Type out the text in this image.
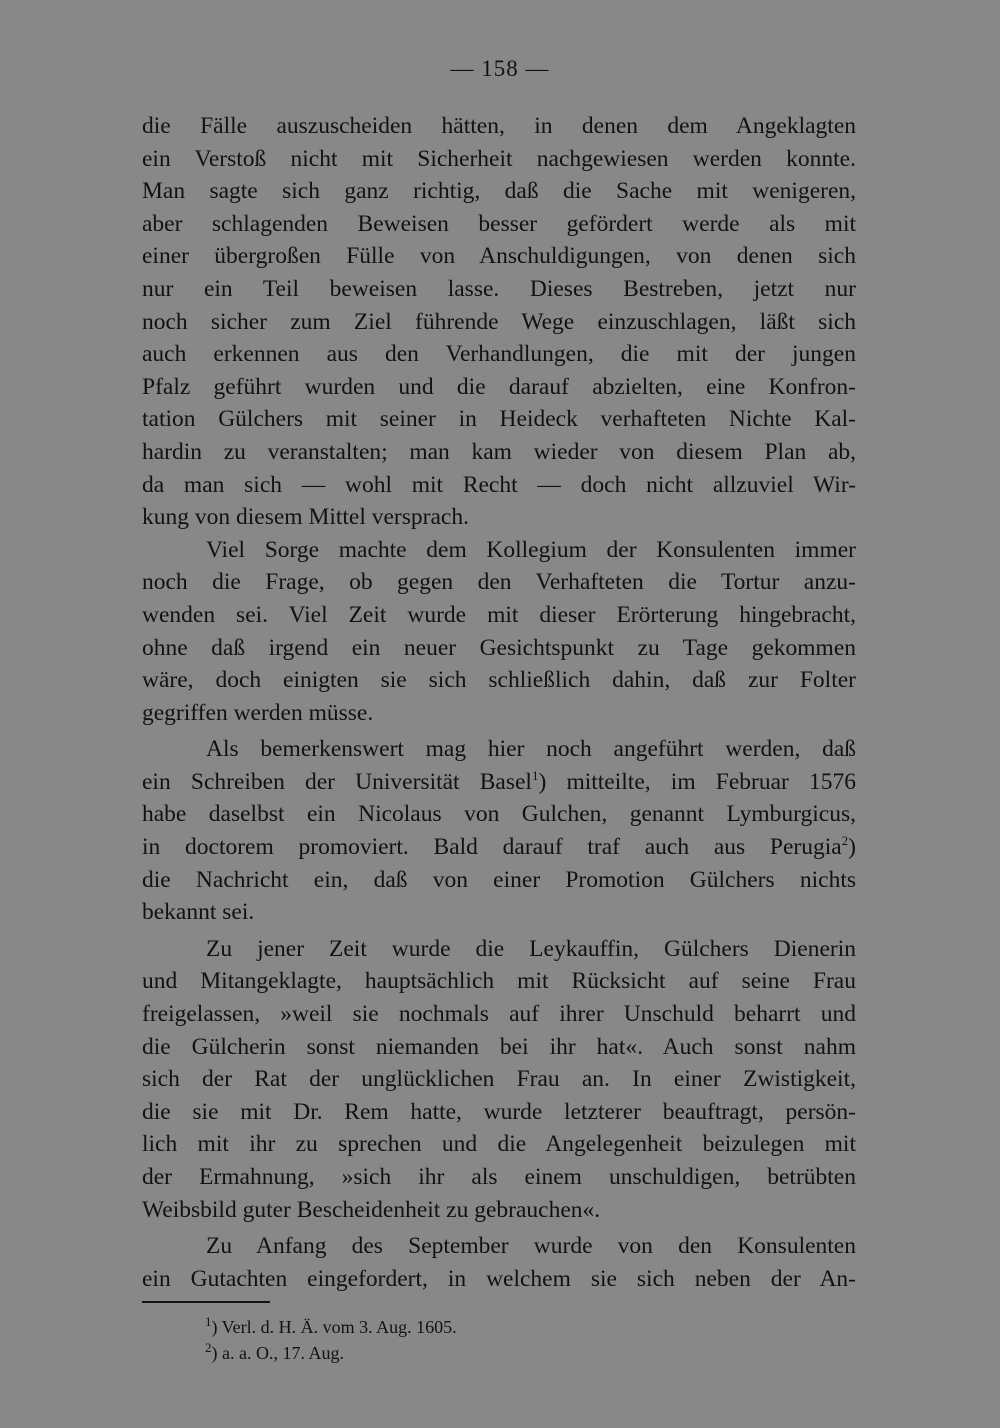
— 158 —
die Fälle auszuscheiden hätten, in denen dem Angeklagten
ein Verstoß nicht mit Sicherheit nachgewiesen werden konnte.
Man sagte sich ganz richtig, daß die Sache mit wenigeren,
aber schlagenden Beweisen besser gefördert werde als mit
einer übergroßen Fülle von Anschuldigungen, von denen sich
nur ein Teil beweisen lasse. Dieses Bestreben, jetzt nur
noch sicher zum Ziel führende Wege einzuschlagen, läßt sich
auch erkennen aus den Verhandlungen, die mit der jungen
Pfalz geführt wurden und die darauf abzielten, eine Konfron-
tation Gülchers mit seiner in Heideck verhafteten Nichte Kal-
hardin zu veranstalten; man kam wieder von diesem Plan ab,
da man sich — wohl mit Recht — doch nicht allzuviel Wir-
kung von diesem Mittel versprach.
Viel Sorge machte dem Kollegium der Konsulenten immer
noch die Frage, ob gegen den Verhafteten die Tortur anzu-
wenden sei. Viel Zeit wurde mit dieser Erörterung hingebracht,
ohne daß irgend ein neuer Gesichtspunkt zu Tage gekommen
wäre, doch einigten sie sich schließlich dahin, daß zur Folter
gegriffen werden müsse.
Als bemerkenswert mag hier noch angeführt werden, daß
ein Schreiben der Universität Basel$^1$) mitteilte, im Februar 1576
habe daselbst ein Nicolaus von Gulchen, genannt Lymburgicus,
in doctorem promoviert. Bald darauf traf auch aus Perugia$^2$)
die Nachricht ein, daß von einer Promotion Gülchers nichts
bekannt sei.
Zu jener Zeit wurde die Leykauffin, Gülchers Dienerin
und Mitangeklagte, hauptsächlich mit Rücksicht auf seine Frau
freigelassen, »weil sie nochmals auf ihrer Unschuld beharrt und
die Gülcherin sonst niemanden bei ihr hat«. Auch sonst nahm
sich der Rat der unglücklichen Frau an. In einer Zwistigkeit,
die sie mit Dr. Rem hatte, wurde letzterer beauftragt, persön-
lich mit ihr zu sprechen und die Angelegenheit beizulegen mit
der Ermahnung, »sich ihr als einem unschuldigen, betrübten
Weibsbild guter Bescheidenheit zu gebrauchen«.
Zu Anfang des September wurde von den Konsulenten
ein Gutachten eingefordert, in welchem sie sich neben der An-
$^1$) Verl. d. H. Ä. vom 3. Aug. 1605.
$^2$) a. a. O., 17. Aug.
